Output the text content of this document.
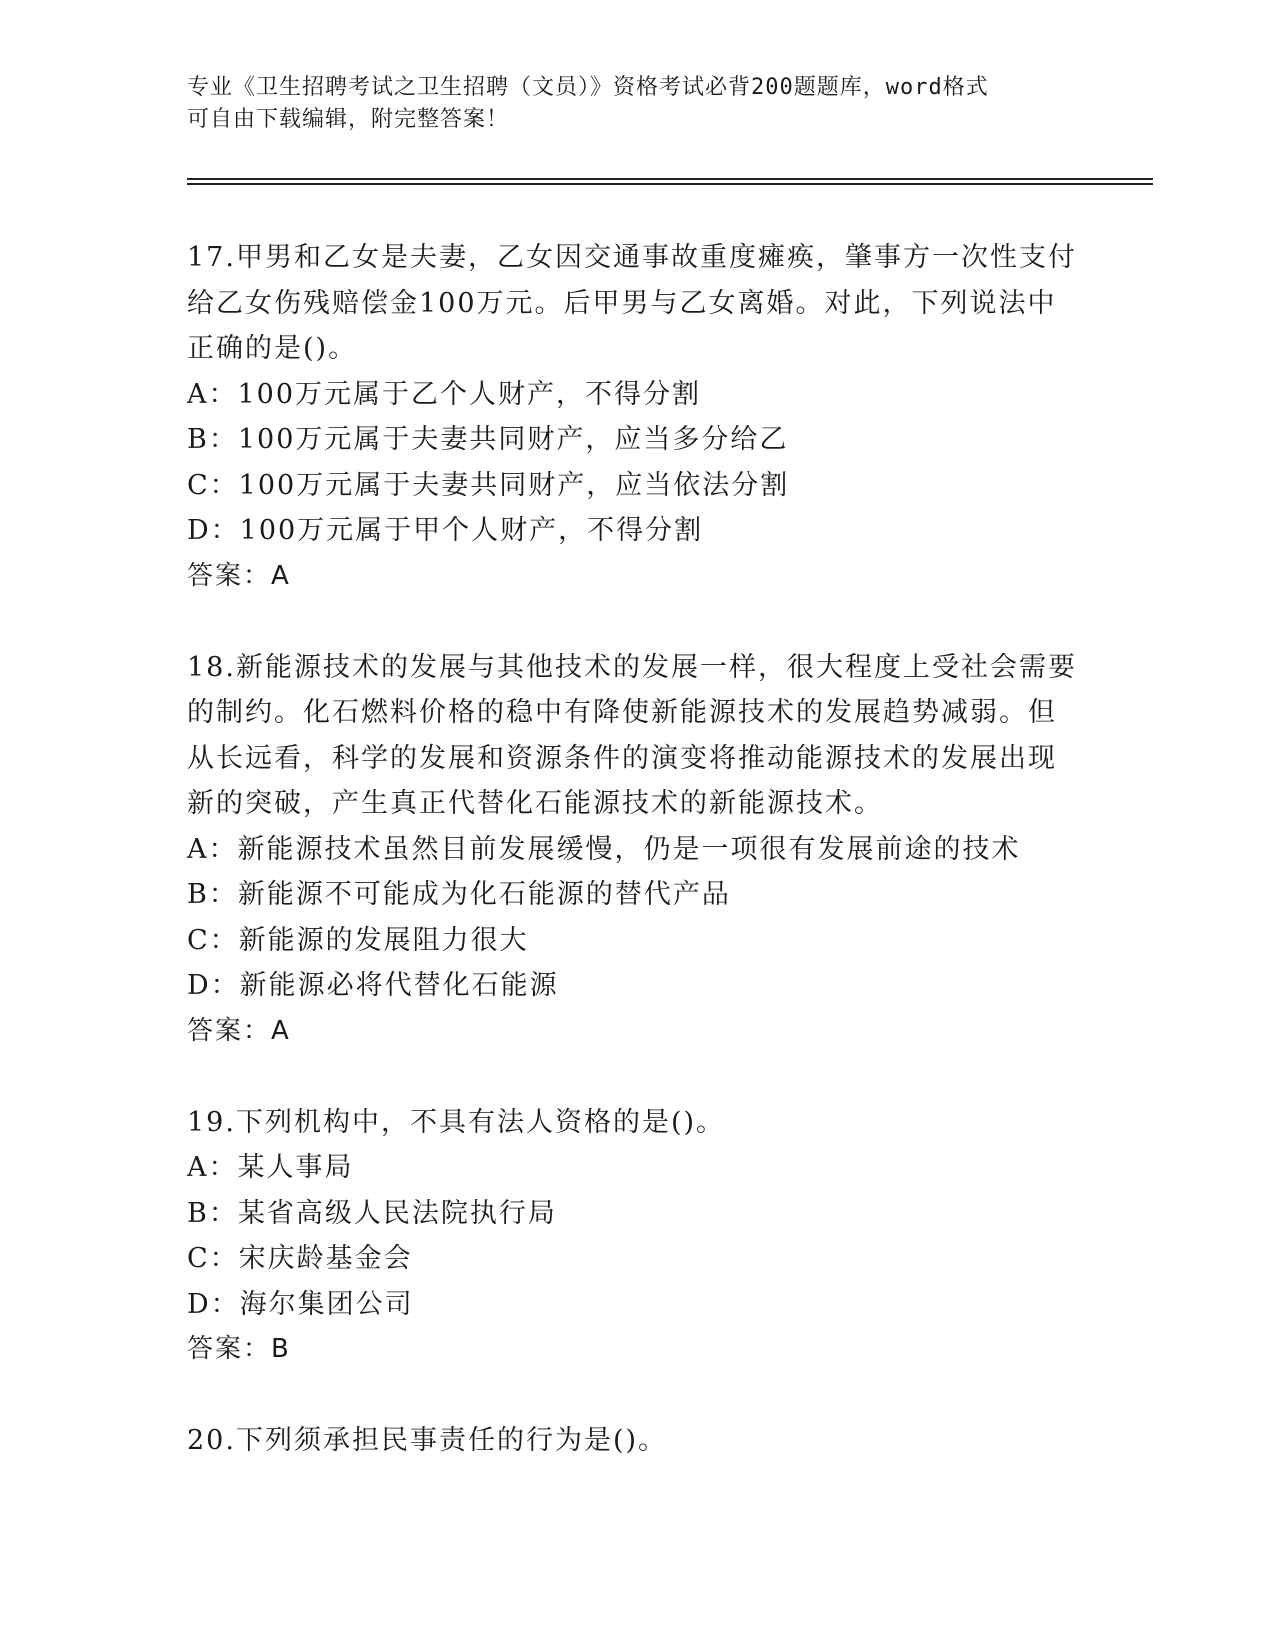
专业《卫生招聘考试之卫生招聘（文员）》资格考试必背200题题库，word格式
可自由下载编辑，附完整答案！
17.甲男和乙女是夫妻，乙女因交通事故重度瘫痪，肇事方一次性支付
给乙女伤残赔偿金100万元。后甲男与乙女离婚。对此，下列说法中
正确的是()。
A：100万元属于乙个人财产，不得分割
B：100万元属于夫妻共同财产，应当多分给乙
C：100万元属于夫妻共同财产，应当依法分割
D：100万元属于甲个人财产，不得分割
答案：A
18.新能源技术的发展与其他技术的发展一样，很大程度上受社会需要
的制约。化石燃料价格的稳中有降使新能源技术的发展趋势减弱。但
从长远看，科学的发展和资源条件的演变将推动能源技术的发展出现
新的突破，产生真正代替化石能源技术的新能源技术。
A：新能源技术虽然目前发展缓慢，仍是一项很有发展前途的技术
B：新能源不可能成为化石能源的替代产品
C：新能源的发展阻力很大
D：新能源必将代替化石能源
答案：A
19.下列机构中，不具有法人资格的是()。
A：某人事局
B：某省高级人民法院执行局
C：宋庆龄基金会
D：海尔集团公司
答案：B
20.下列须承担民事责任的行为是()。
